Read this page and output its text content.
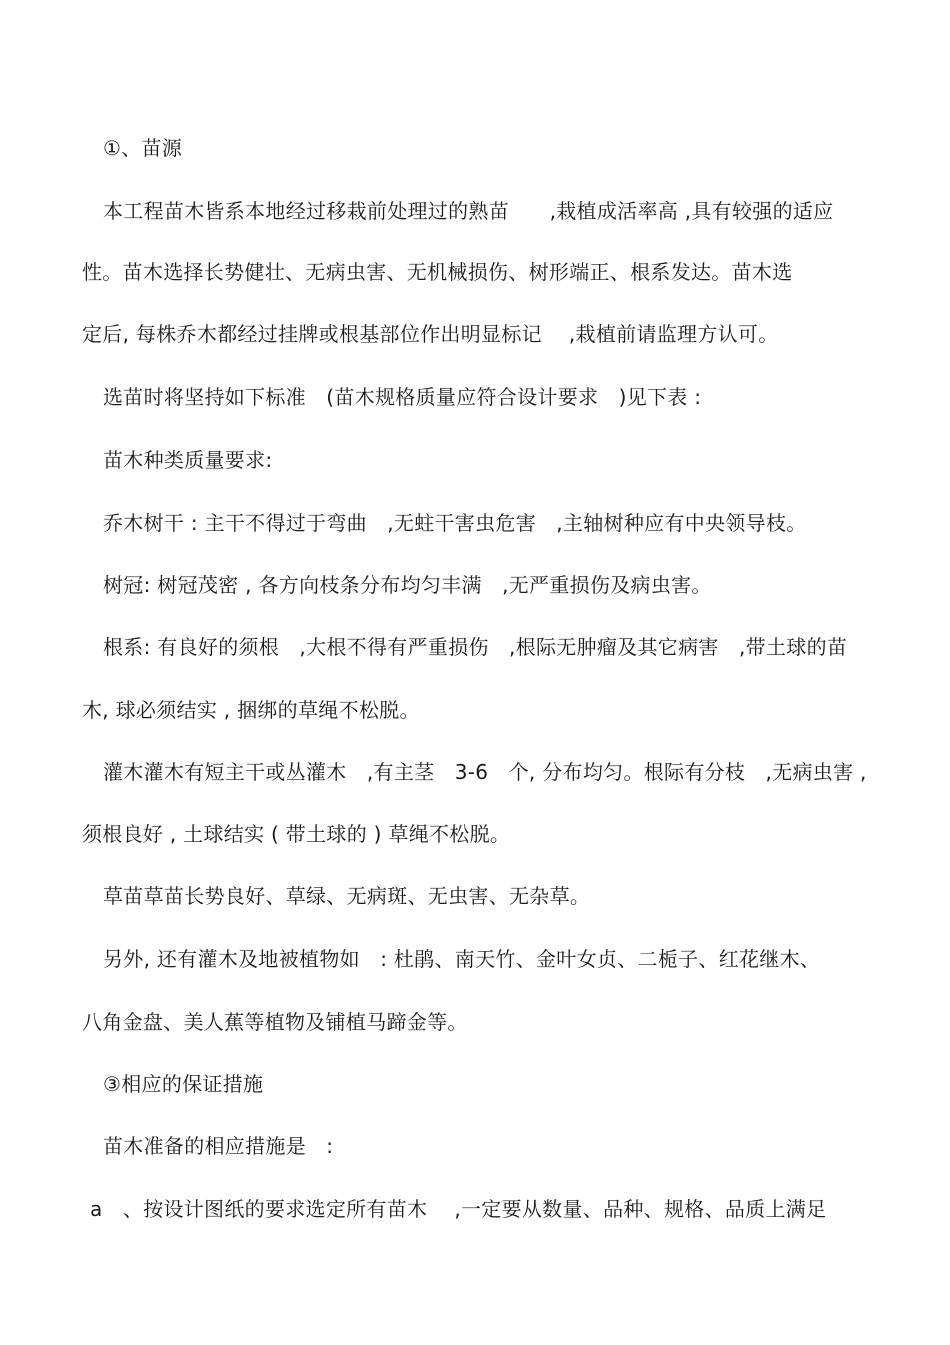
①、苗源
本工程苗木皆系本地经过移栽前处理过的熟苗　　,栽植成活率高 ,具有较强的适应
性。苗木选择长势健壮、无病虫害、无机械损伤、树形端正、根系发达。苗木选
定后, 每株乔木都经过挂牌或根基部位作出明显标记　 ,栽植前请监理方认可。
选苗时将坚持如下标准　(苗木规格质量应符合设计要求　)见下表 :
苗木种类质量要求:
乔木树干 : 主干不得过于弯曲　,无蛀干害虫危害　,主轴树种应有中央领导枝。
树冠: 树冠茂密 , 各方向枝条分布均匀丰满　,无严重损伤及病虫害。
根系: 有良好的须根　,大根不得有严重损伤　,根际无肿瘤及其它病害　,带土球的苗
木, 球必须结实 , 捆绑的草绳不松脱。
灌木灌木有短主干或丛灌木　,有主茎　3-6　个, 分布均匀。根际有分枝　,无病虫害 ,
须根良好 , 土球结实 ( 带土球的 ) 草绳不松脱。
草苗草苗长势良好、草绿、无病斑、无虫害、无杂草。
另外, 还有灌木及地被植物如　: 杜鹃、南天竹、金叶女贞、二栀子、红花继木、
八角金盘、美人蕉等植物及铺植马蹄金等。
③相应的保证措施
苗木准备的相应措施是　:
a　、按设计图纸的要求选定所有苗木　 ,一定要从数量、品种、规格、品质上满足
